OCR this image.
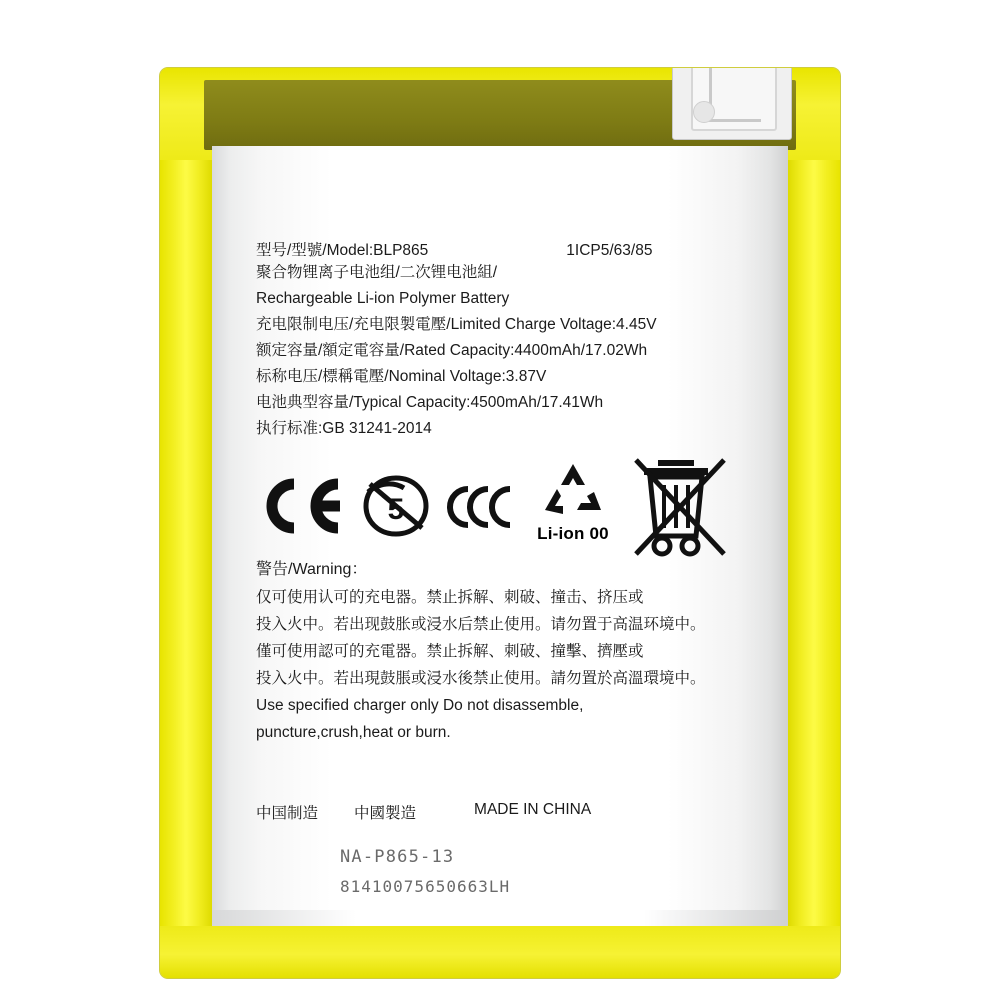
型号/型號/Model:BLP865	1ICP5/63/85
聚合物锂离子电池组/二次锂电池組/
Rechargeable Li-ion Polymer Battery
充电限制电压/充电限製電壓/Limited Charge Voltage:4.45V
额定容量/額定電容量/Rated Capacity:4400mAh/17.02Wh
标称电压/標稱電壓/Nominal Voltage:3.87V
电池典型容量/Typical Capacity:4500mAh/17.41Wh
执行标准:GB 31241-2014
5
Li-ion 00
警告/Warning：
仅可使用认可的充电器。禁止拆解、刺破、撞击、挤压或
投入火中。若出现鼓胀或浸水后禁止使用。请勿置于高温环境中。
僅可使用認可的充電器。禁止拆解、刺破、撞擊、擠壓或
投入火中。若出現鼓脹或浸水後禁止使用。請勿置於高溫環境中。
Use specified charger only Do not disassemble,
puncture,crush,heat or burn.
中国制造 中國製造	MADE IN CHINA
NA-P865-13
81410075650663LH
